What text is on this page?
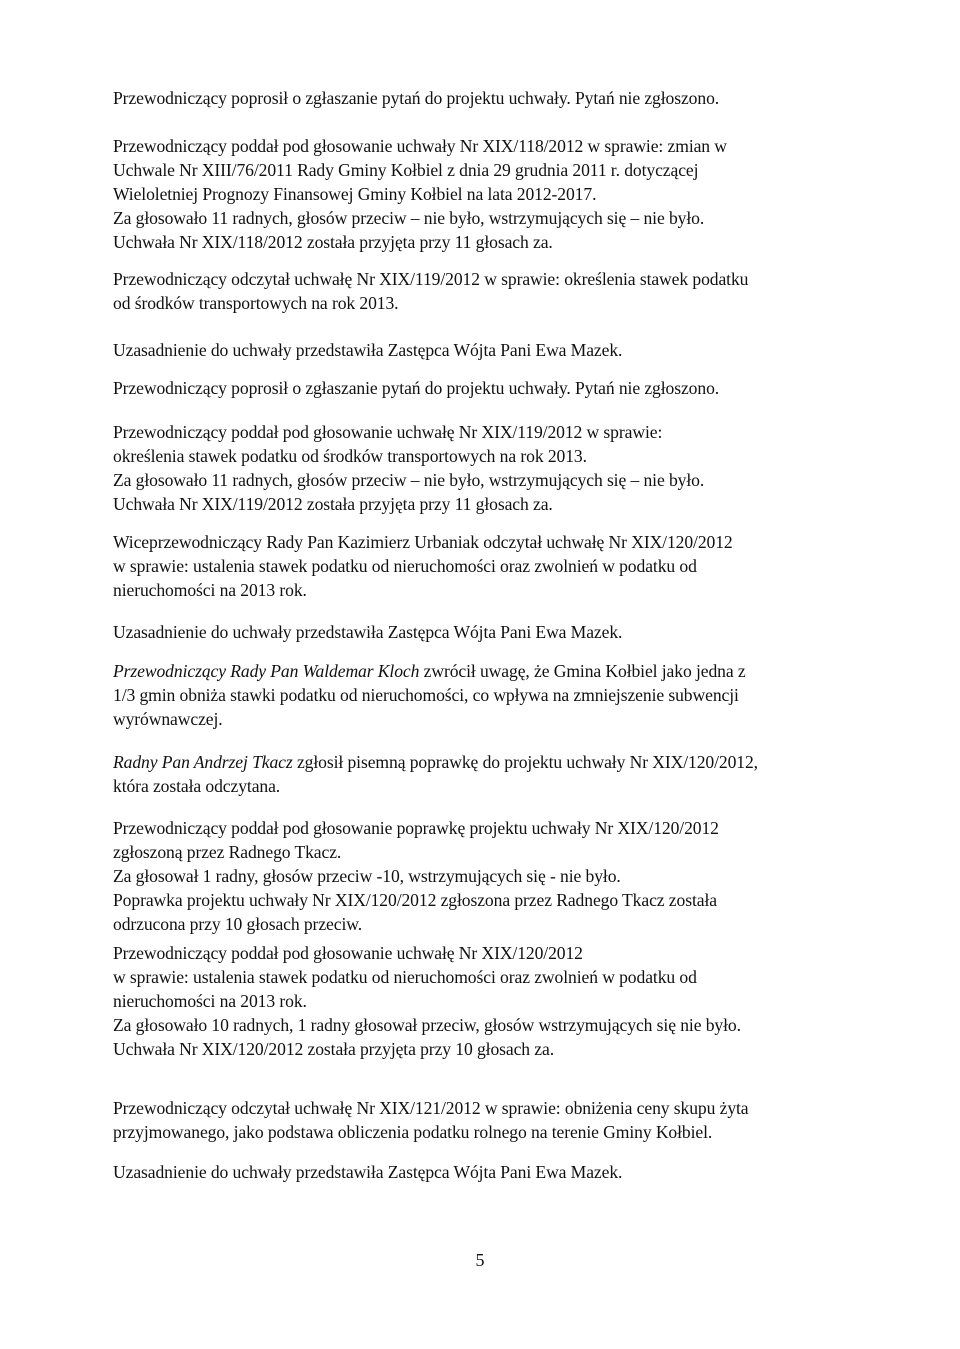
Przewodniczący poprosił o zgłaszanie pytań do projektu uchwały. Pytań nie zgłoszono.

Przewodniczący poddał pod głosowanie uchwały Nr XIX/118/2012 w sprawie: zmian w
Uchwale Nr XIII/76/2011 Rady Gminy Kołbiel z dnia 29 grudnia 2011 r. dotyczącej
Wieloletniej Prognozy Finansowej Gminy Kołbiel na lata 2012-2017.
Za głosowało 11 radnych, głosów przeciw – nie było, wstrzymujących się – nie było.
Uchwała Nr XIX/118/2012 została przyjęta przy 11 głosach za.

Przewodniczący odczytał uchwałę Nr XIX/119/2012 w sprawie: określenia stawek podatku
od środków transportowych na rok 2013.

Uzasadnienie do uchwały przedstawiła Zastępca Wójta Pani Ewa Mazek.

Przewodniczący poprosił o zgłaszanie pytań do projektu uchwały. Pytań nie zgłoszono.

Przewodniczący poddał pod głosowanie uchwałę Nr XIX/119/2012 w sprawie:
określenia stawek podatku od środków transportowych na rok 2013.
Za głosowało 11 radnych, głosów przeciw – nie było, wstrzymujących się – nie było.
Uchwała Nr XIX/119/2012 została przyjęta przy 11 głosach za.

Wiceprzewodniczący Rady Pan Kazimierz Urbaniak odczytał uchwałę Nr XIX/120/2012
w sprawie: ustalenia stawek podatku od nieruchomości oraz zwolnień w podatku od
nieruchomości na 2013 rok.

Uzasadnienie do uchwały przedstawiła Zastępca Wójta Pani Ewa Mazek.

Przewodniczący Rady Pan Waldemar Kloch zwrócił uwagę, że Gmina Kołbiel jako jedna z
1/3 gmin obniża stawki podatku od nieruchomości, co wpływa na zmniejszenie subwencji
wyrównawczej.

Radny Pan Andrzej Tkacz zgłosił pisemną poprawkę do projektu uchwały Nr XIX/120/2012,
która została odczytana.

Przewodniczący poddał pod głosowanie poprawkę projektu uchwały Nr XIX/120/2012
zgłoszoną przez Radnego Tkacz.
Za głosował 1 radny, głosów przeciw -10, wstrzymujących się - nie było.
Poprawka projektu uchwały Nr XIX/120/2012 zgłoszona przez Radnego Tkacz została
odrzucona przy 10 głosach przeciw.

Przewodniczący poddał pod głosowanie uchwałę Nr XIX/120/2012
w sprawie: ustalenia stawek podatku od nieruchomości oraz zwolnień w podatku od
nieruchomości na 2013 rok.
Za głosowało 10 radnych, 1 radny głosował przeciw, głosów wstrzymujących się nie było.
Uchwała Nr XIX/120/2012 została przyjęta przy 10 głosach za.

Przewodniczący odczytał uchwałę Nr XIX/121/2012 w sprawie: obniżenia ceny skupu żyta
przyjmowanego, jako podstawa obliczenia podatku rolnego na terenie Gminy Kołbiel.

Uzasadnienie do uchwały przedstawiła Zastępca Wójta Pani Ewa Mazek.

5
